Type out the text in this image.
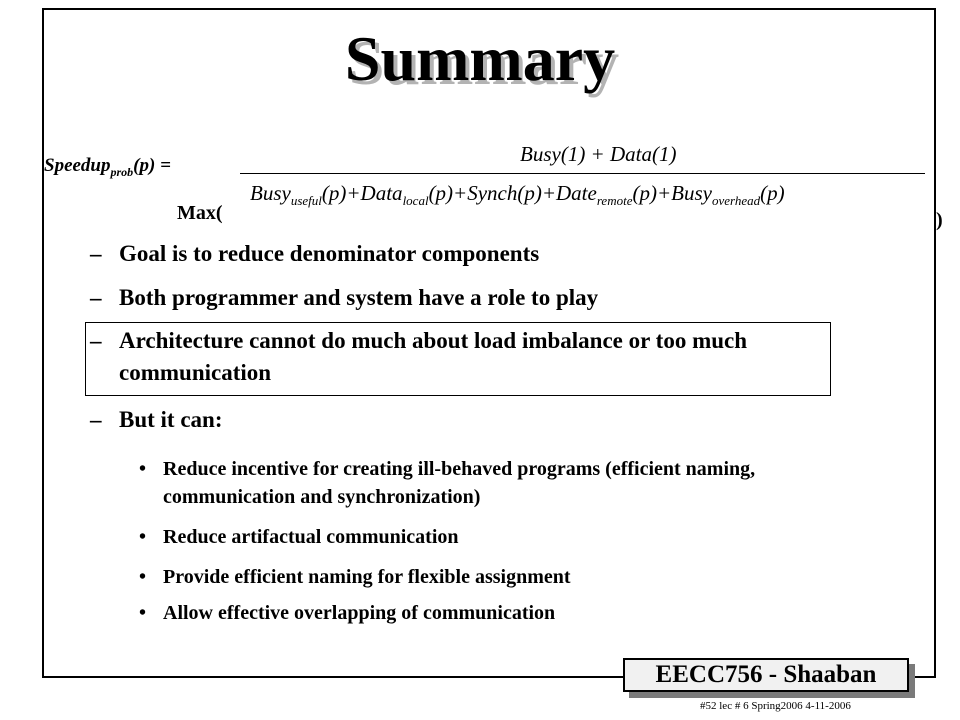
Summary
Speedup$_{prob}$(p) =	Busy(1) + Data(1)
Busy$_{useful}$(p)+Data$_{local}$(p)+Synch(p)+Date$_{remote}$(p)+Busy$_{overhead}$(p)
Max(	)
– Goal is to reduce denominator components
– Both programmer and system have a role to play
– Architecture cannot do much about load imbalance or too much communication
– But it can:
• Reduce incentive for creating ill-behaved programs (efficient naming, communication and synchronization)
• Reduce artifactual communication
• Provide efficient naming for flexible assignment
• Allow effective overlapping of communication
EECC756 - Shaaban
#52 lec # 6 Spring2006 4-11-2006
